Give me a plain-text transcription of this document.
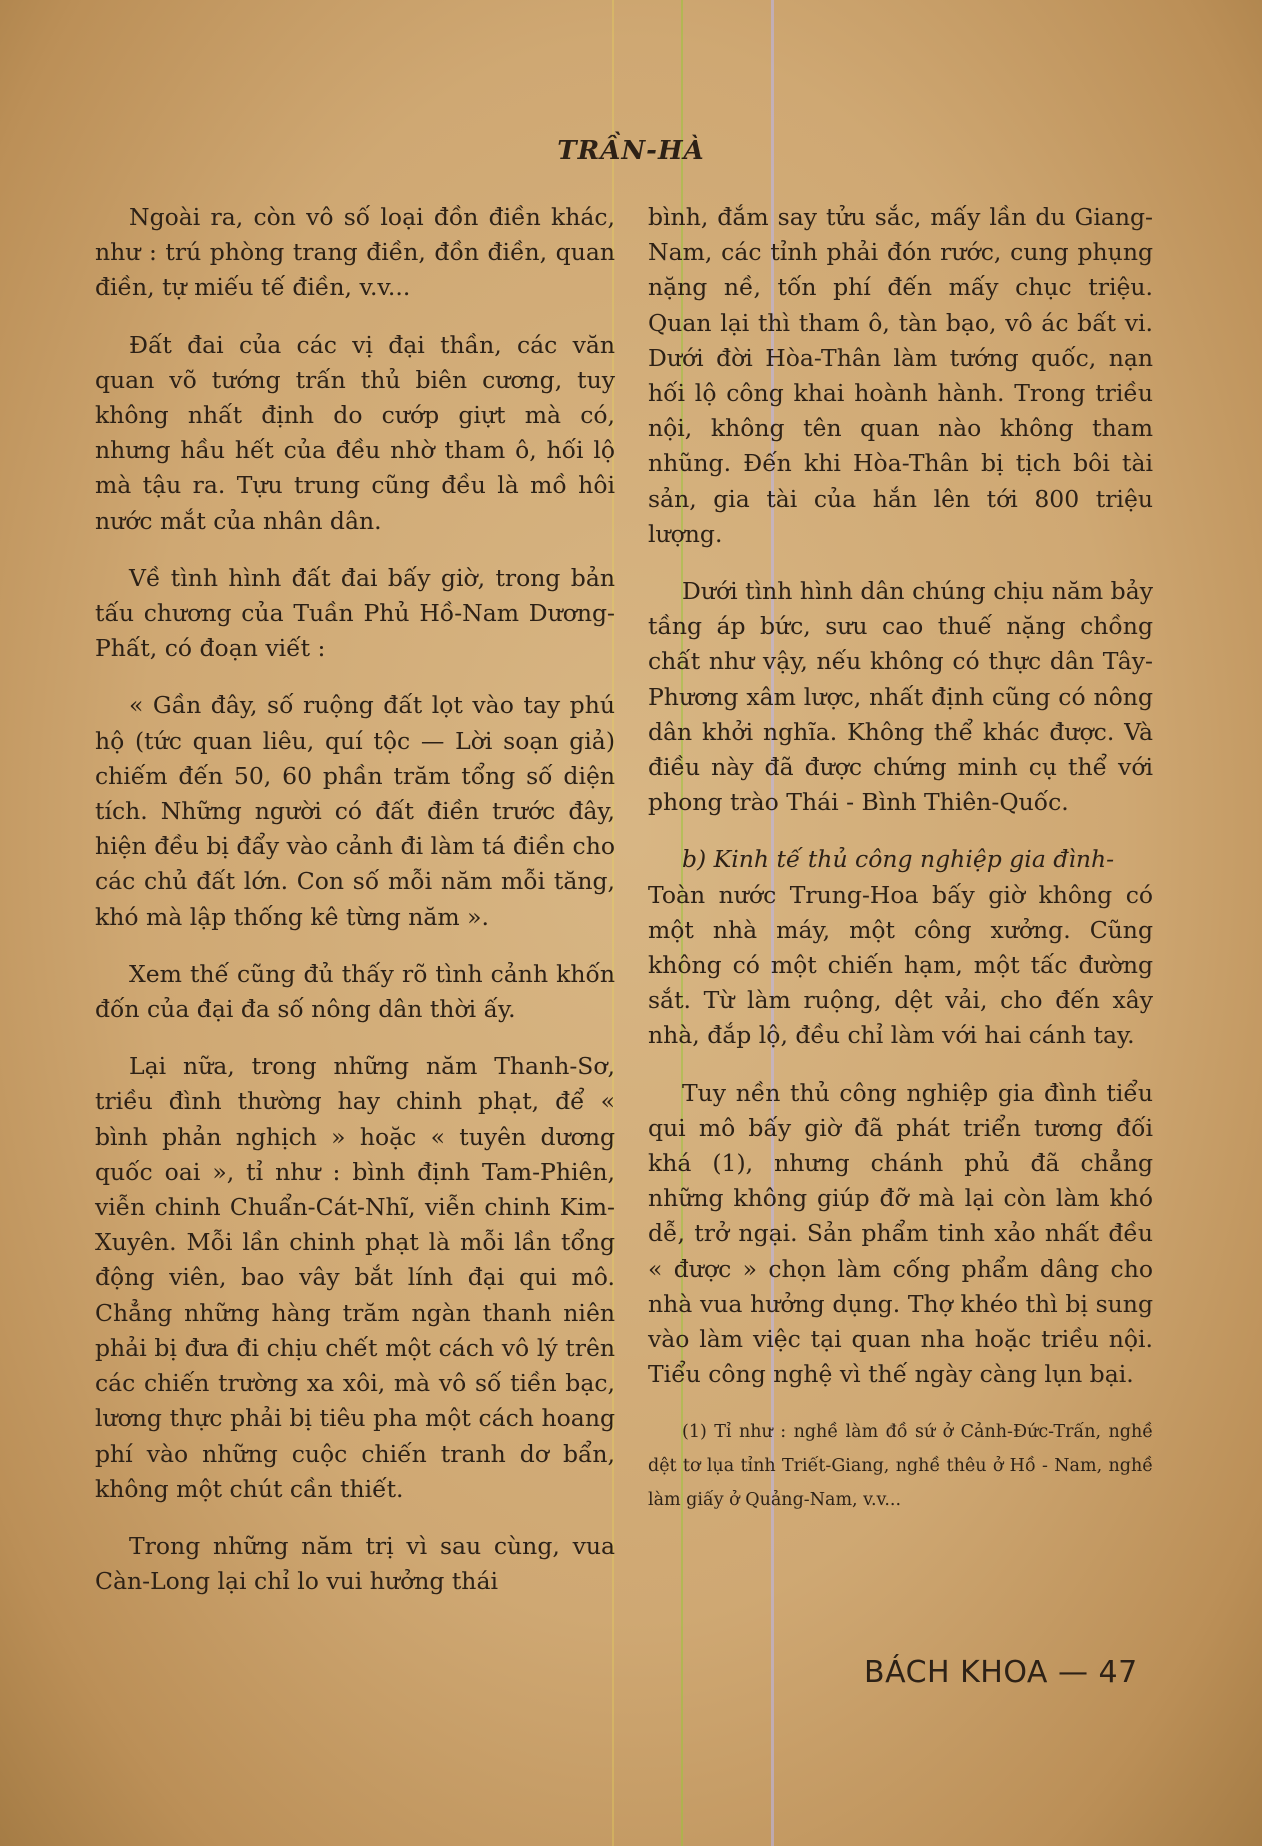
TRẦN-HÀ

Ngoài ra, còn vô số loại đồn điền khác, như : trú phòng trang điền, đồn điền, quan điền, tự miếu tế điền, v.v...

Đất đai của các vị đại thần, các văn quan võ tướng trấn thủ biên cương, tuy không nhất định do cướp giựt mà có, nhưng hầu hết của đều nhờ tham ô, hối lộ mà tậu ra. Tựu trung cũng đều là mồ hôi nước mắt của nhân dân.

Về tình hình đất đai bấy giờ, trong bản tấu chương của Tuần Phủ Hồ-Nam Dương-Phất, có đoạn viết :

« Gần đây, số ruộng đất lọt vào tay phú hộ (tức quan liêu, quí tộc — Lời soạn giả) chiếm đến 50, 60 phần trăm tổng số diện tích. Những người có đất điền trước đây, hiện đều bị đẩy vào cảnh đi làm tá điền cho các chủ đất lớn. Con số mỗi năm mỗi tăng, khó mà lập thống kê từng năm ».

Xem thế cũng đủ thấy rõ tình cảnh khốn đốn của đại đa số nông dân thời ấy.

Lại nữa, trong những năm Thanh-Sơ, triều đình thường hay chinh phạt, để « bình phản nghịch » hoặc « tuyên dương quốc oai », tỉ như : bình định Tam-Phiên, viễn chinh Chuẩn-Cát-Nhĩ, viễn chinh Kim-Xuyên. Mỗi lần chinh phạt là mỗi lần tổng động viên, bao vây bắt lính đại qui mô. Chẳng những hàng trăm ngàn thanh niên phải bị đưa đi chịu chết một cách vô lý trên các chiến trường xa xôi, mà vô số tiền bạc, lương thực phải bị tiêu pha một cách hoang phí vào những cuộc chiến tranh dơ bẩn, không một chút cần thiết.

Trong những năm trị vì sau cùng, vua Càn-Long lại chỉ lo vui hưởng thái

bình, đắm say tửu sắc, mấy lần du Giang-Nam, các tỉnh phải đón rước, cung phụng nặng nề, tốn phí đến mấy chục triệu. Quan lại thì tham ô, tàn bạo, vô ác bất vi. Dưới đời Hòa-Thân làm tướng quốc, nạn hối lộ công khai hoành hành. Trong triều nội, không tên quan nào không tham nhũng. Đến khi Hòa-Thân bị tịch bôi tài sản, gia tài của hắn lên tới 800 triệu lượng.

Dưới tình hình dân chúng chịu năm bảy tầng áp bức, sưu cao thuế nặng chồng chất như vậy, nếu không có thực dân Tây-Phương xâm lược, nhất định cũng có nông dân khởi nghĩa. Không thể khác được. Và điều này đã được chứng minh cụ thể với phong trào Thái - Bình Thiên-Quốc.

b) Kinh tế thủ công nghiệp gia đình-
Toàn nước Trung-Hoa bấy giờ không có một nhà máy, một công xưởng. Cũng không có một chiến hạm, một tấc đường sắt. Từ làm ruộng, dệt vải, cho đến xây nhà, đắp lộ, đều chỉ làm với hai cánh tay.

Tuy nền thủ công nghiệp gia đình tiểu qui mô bấy giờ đã phát triển tương đối khá (1), nhưng chánh phủ đã chẳng những không giúp đỡ mà lại còn làm khó dễ, trở ngại. Sản phẩm tinh xảo nhất đều « được » chọn làm cống phẩm dâng cho nhà vua hưởng dụng. Thợ khéo thì bị sung vào làm việc tại quan nha hoặc triều nội. Tiểu công nghệ vì thế ngày càng lụn bại.

(1) Tỉ như : nghề làm đồ sứ ở Cảnh-Đức-Trấn, nghề dệt tơ lụa tỉnh Triết-Giang, nghề thêu ở Hồ - Nam, nghề làm giấy ở Quảng-Nam, v.v...
BÁCH KHOA — 47
